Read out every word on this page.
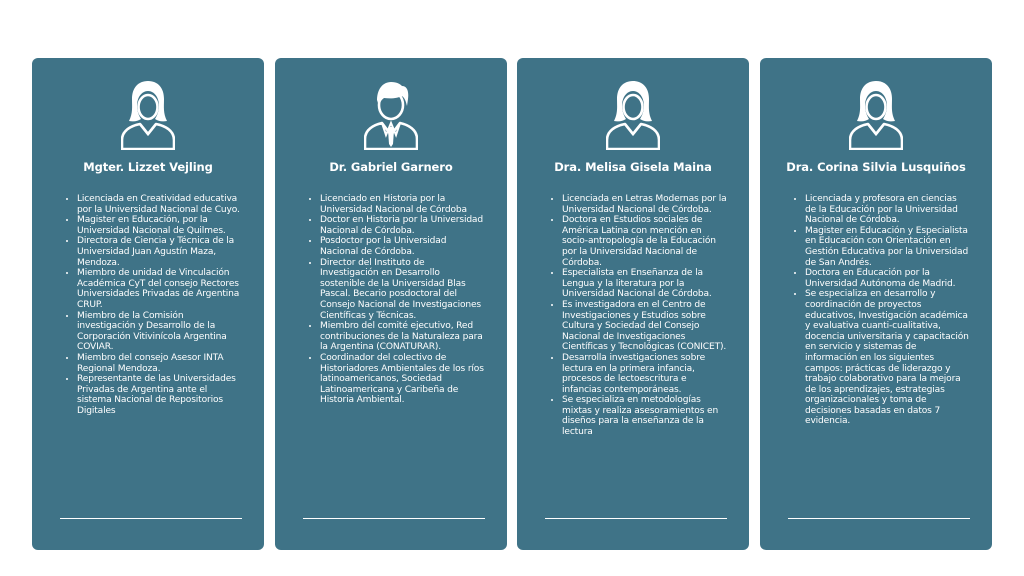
Mgter. Lizzet Vejling
• Licenciada en Creatividad educativa por la Universidad Nacional de Cuyo.
• Magister en Educación, por la Universidad Nacional de Quilmes.
• Directora de Ciencia y Técnica de la Universidad Juan Agustín Maza, Mendoza.
• Miembro de unidad de Vinculación Académica CyT del consejo Rectores Universidades Privadas de Argentina CRUP.
• Miembro de la Comisión investigación y Desarrollo de la Corporación Vitivinícola Argentina COVIAR.
• Miembro del consejo Asesor INTA Regional Mendoza.
• Representante de las Universidades Privadas de Argentina ante el sistema Nacional de Repositorios Digitales
Dr. Gabriel Garnero
• Licenciado en Historia por la Universidad Nacional de Córdoba
• Doctor en Historia por la Universidad Nacional de Córdoba.
• Posdoctor por la Universidad Nacional de Córdoba.
• Director del Instituto de Investigación en Desarrollo sostenible de la Universidad Blas Pascal. Becario posdoctoral del Consejo Nacional de Investigaciones Científicas y Técnicas.
• Miembro del comité ejecutivo, Red contribuciones de la Naturaleza para la Argentina (CONATURAR).
• Coordinador del colectivo de Historiadores Ambientales de los ríos latinoamericanos, Sociedad Latinoamericana y Caribeña de Historia Ambiental.
Dra. Melisa Gisela Maina
• Licenciada en Letras Modernas por la Universidad Nacional de Córdoba.
• Doctora en Estudios sociales de América Latina con mención en socio-antropología de la Educación por la Universidad Nacional de Córdoba.
• Especialista en Enseñanza de la Lengua y la literatura por la Universidad Nacional de Córdoba.
• Es investigadora en el Centro de Investigaciones y Estudios sobre Cultura y Sociedad del Consejo Nacional de Investigaciones Científicas y Tecnológicas (CONICET).
• Desarrolla investigaciones sobre lectura en la primera infancia, procesos de lectoescritura e infancias contemporáneas.
• Se especializa en metodologías mixtas y realiza asesoramientos en diseños para la enseñanza de la lectura
Dra. Corina Silvia Lusquiños
• Licenciada y profesora en ciencias de la Educación por la Universidad Nacional de Córdoba.
• Magister en Educación y Especialista en Educación con Orientación en Gestión Educativa por la Universidad de San Andrés.
• Doctora en Educación por la Universidad Autónoma de Madrid.
• Se especializa en desarrollo y coordinación de proyectos educativos, Investigación académica y evaluativa cuanti-cualitativa, docencia universitaria y capacitación en servicio y sistemas de información en los siguientes campos: prácticas de liderazgo y trabajo colaborativo para la mejora de los aprendizajes, estrategias organizacionales y toma de decisiones basadas en datos 7 evidencia.
